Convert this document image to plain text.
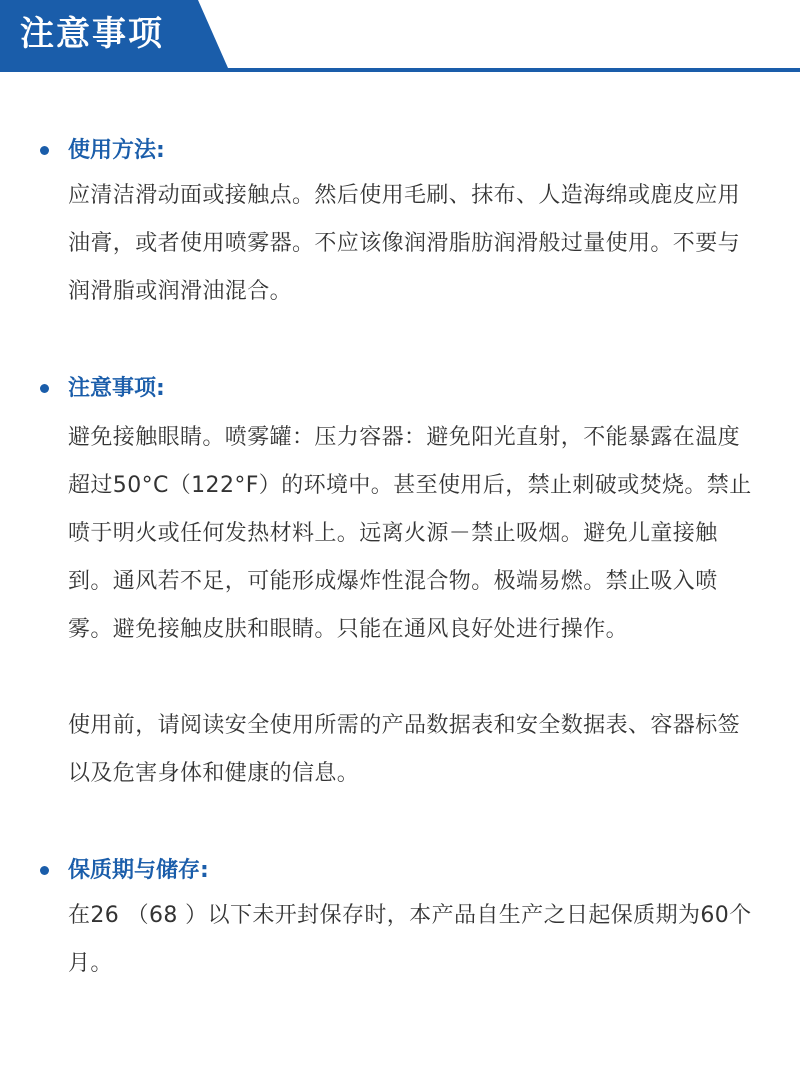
注意事项
使用方法:

应清洁滑动面或接触点。然后使用毛刷、抹布、人造海绵或鹿皮应用油膏，或者使用喷雾器。不应该像润滑脂肪润滑般过量使用。不要与润滑脂或润滑油混合。

注意事项:

避免接触眼睛。喷雾罐：压力容器：避免阳光直射，不能暴露在温度超过50°C（122°F）的环境中。甚至使用后，禁止刺破或焚烧。禁止喷于明火或任何发热材料上。远离火源－禁止吸烟。避免儿童接触到。通风若不足，可能形成爆炸性混合物。极端易燃。禁止吸入喷雾。避免接触皮肤和眼睛。只能在通风良好处进行操作。

使用前，请阅读安全使用所需的产品数据表和安全数据表、容器标签以及危害身体和健康的信息。

保质期与储存:

在26 （68 ）以下未开封保存时，本产品自生产之日起保质期为60个月。
